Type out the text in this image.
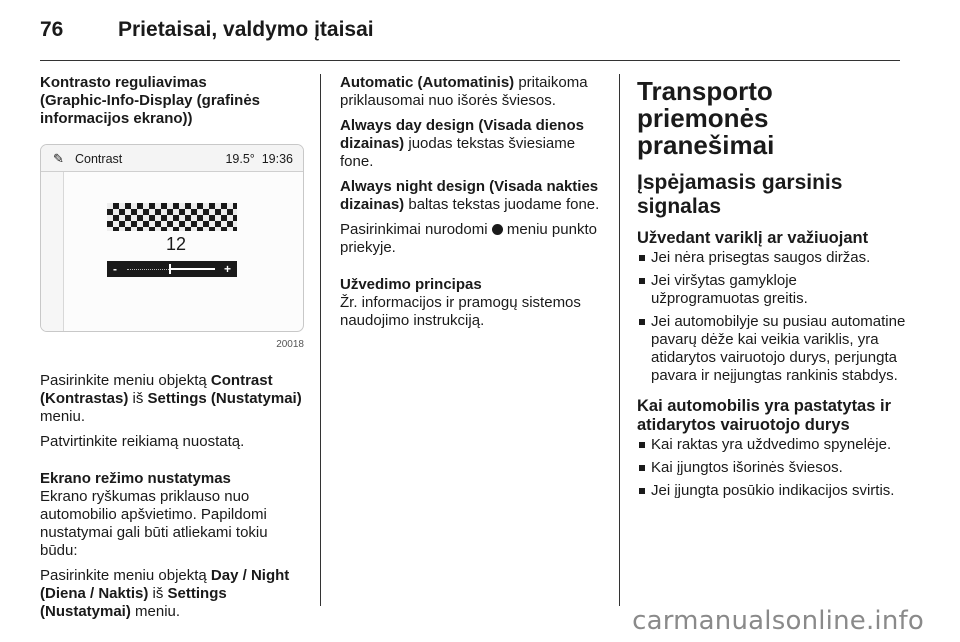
76	Prietaisai, valdymo įtaisai

Kontrasto reguliavimas
(Graphic-Info-Display (grafinės
informacijos ekrano))

✎ Contrast	19.5° 19:36
12
-	+
20018

Pasirinkite meniu objektą Contrast (Kontrastas) iš Settings (Nustatymai) meniu.

Patvirtinkite reikiamą nuostatą.

Ekrano režimo nustatymas

Ekrano ryškumas priklauso nuo automobilio apšvietimo. Papildomi nustatymai gali būti atliekami tokiu būdu:

Pasirinkite meniu objektą Day / Night (Diena / Naktis) iš Settings (Nustatymai) meniu.

Automatic (Automatinis) pritaikoma priklausomai nuo išorės šviesos.

Always day design (Visada dienos dizainas) juodas tekstas šviesiame fone.

Always night design (Visada nakties dizainas) baltas tekstas juodame fone.

Pasirinkimai nurodomi  meniu punkto priekyje.

Užvedimo principas

Žr. informacijos ir pramogų sistemos naudojimo instrukciją.

Transporto priemonės pranešimai
Įspėjamasis garsinis signalas
Užvedant variklį ar važiuojant
Jei nėra prisegtas saugos diržas.
Jei viršytas gamykloje užprogramuotas greitis.
Jei automobilyje su pusiau automatine pavarų dėže kai veikia variklis, yra atidarytos vairuotojo durys, perjungta pavara ir neįjungtas rankinis stabdys.
Kai automobilis yra pastatytas ir atidarytos vairuotojo durys
Kai raktas yra uždvedimo spynelėje.
Kai įjungtos išorinės šviesos.
Jei įjungta posūkio indikacijos svirtis.
carmanualsonline.info
